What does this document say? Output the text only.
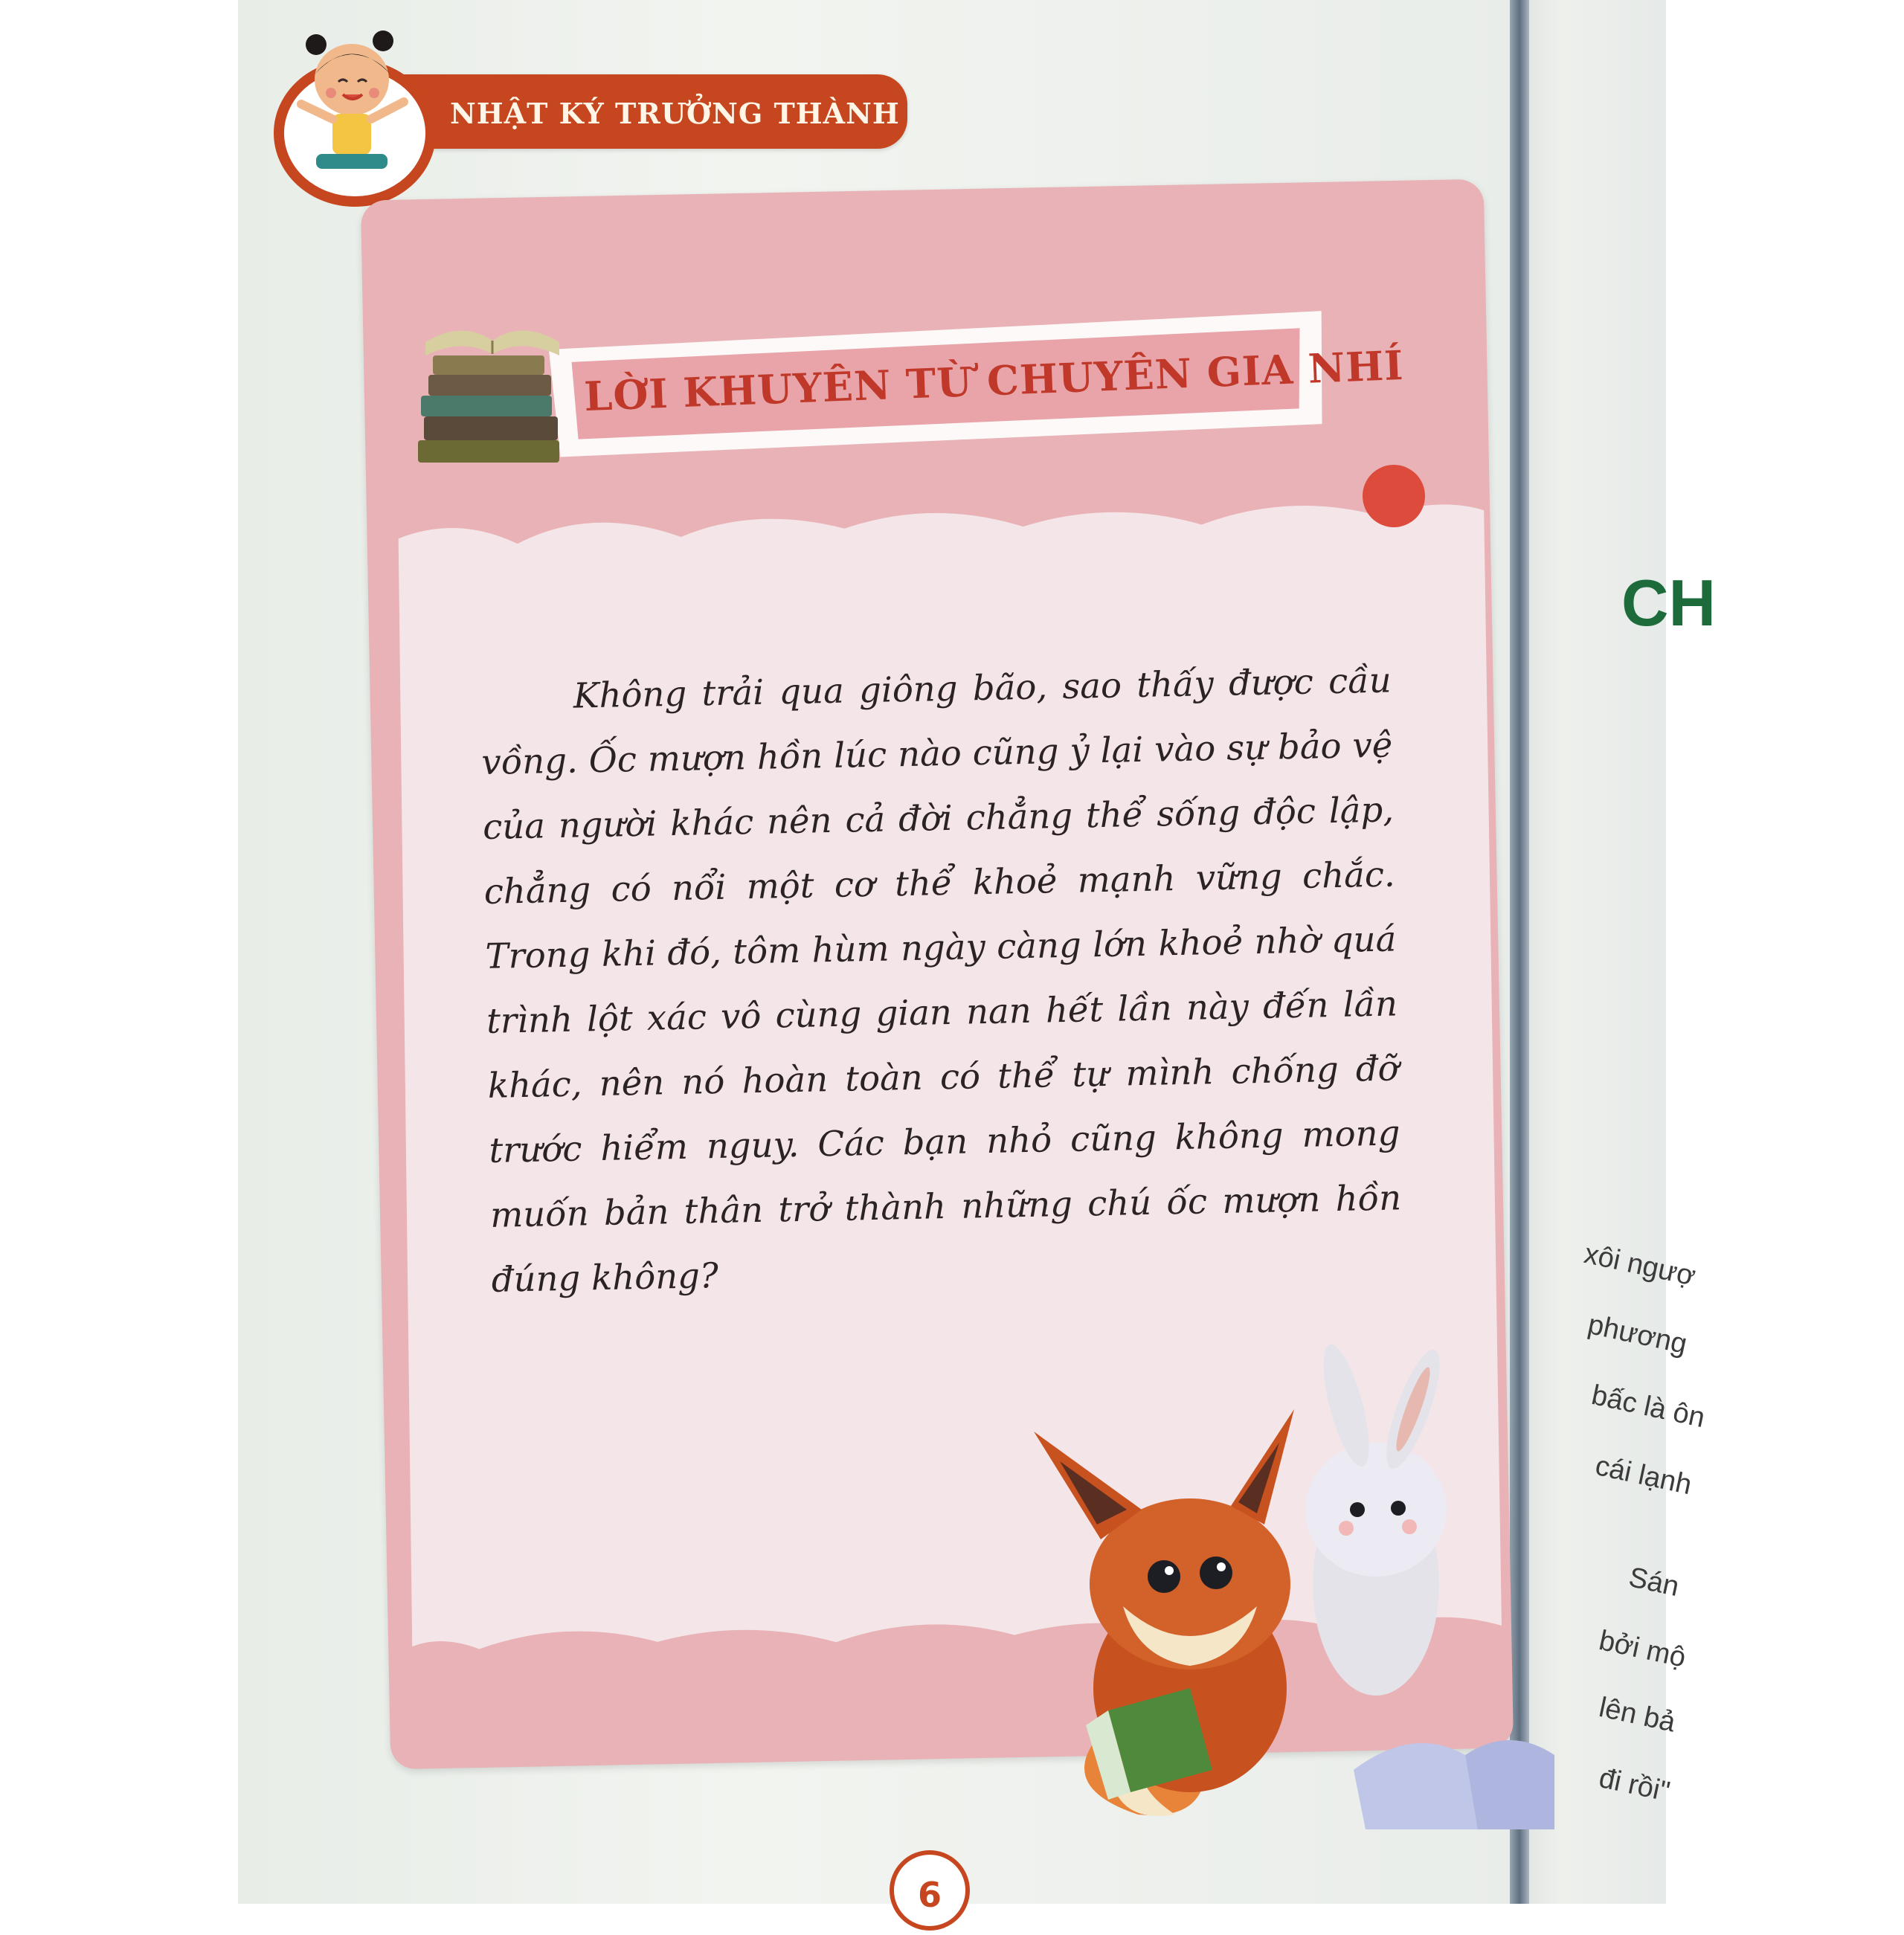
NHẬT KÝ TRƯỞNG THÀNH
LỜI KHUYÊN TỪ CHUYÊN GIA NHÍ
Không trải qua giông bão, sao thấy được cầu vồng. Ốc mượn hồn lúc nào cũng ỷ lại vào sự bảo vệ của người khác nên cả đời chẳng thể sống độc lập, chẳng có nổi một cơ thể khoẻ mạnh vững chắc. Trong khi đó, tôm hùm ngày càng lớn khoẻ nhờ quá trình lột xác vô cùng gian nan hết lần này đến lần khác, nên nó hoàn toàn có thể tự mình chống đỡ trước hiểm nguy. Các bạn nhỏ cũng không mong muốn bản thân trở thành những chú ốc mượn hồn đúng không?
6
CH
xôi ngượ
phương
bấc là ôn
cái lạnh
Sán
bởi mộ
lên bả
đi rồi"
